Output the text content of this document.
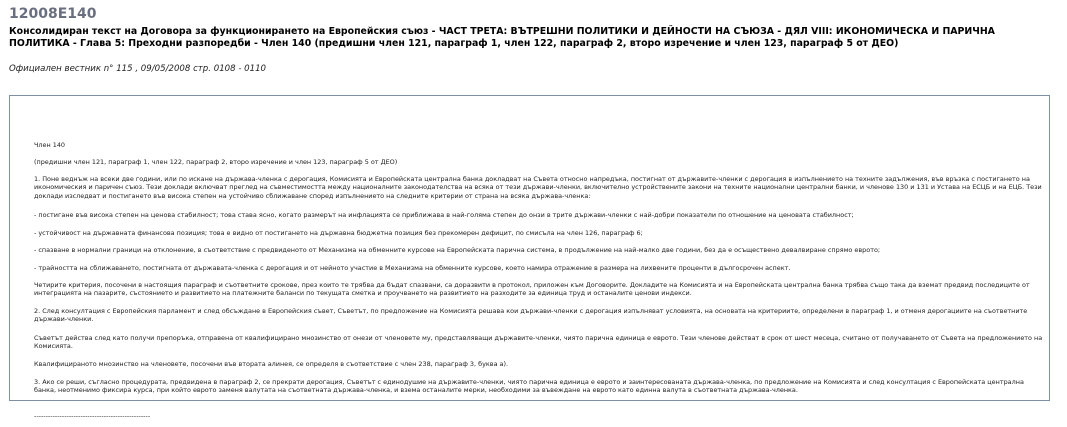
12008E140
Консолидиран текст на Договора за функционирането на Европейския съюз - ЧАСТ ТРЕТА: ВЪТРЕШНИ ПОЛИТИКИ И ДЕЙНОСТИ НА СЪЮЗА - ДЯЛ VIII: ИКОНОМИЧЕСКА И ПАРИЧНА ПОЛИТИКА - Глава 5: Преходни разпоредби - Член 140 (предишни член 121, параграф 1, член 122, параграф 2, второ изречение и член 123, параграф 5 от ДЕО)

Официален вестник n° 115 , 09/05/2008 стр. 0108 - 0110

Член 140

(предишни член 121, параграф 1, член 122, параграф 2, второ изречение и член 123, параграф 5 от ДЕО)

1. Поне веднъж на всеки две години, или по искане на държава-членка с дерогация, Комисията и Европейската централна банка докладват на Съвета относно напредъка, постигнат от държавите-членки с дерогация в изпълнението на техните задължения, във връзка с постигането на икономическия и паричен съюз. Тези доклади включват преглед на съвместимостта между националните законодателства на всяка от тези държави-членки, включително устройствените закони на техните национални централни банки, и членове 130 и 131 и Устава на ЕСЦБ и на ЕЦБ. Тези доклади изследват и постигането във висока степен на устойчиво сближаване според изпълнението на следните критерии от страна на всяка държава-членка:

- постигане във висока степен на ценова стабилност; това става ясно, когато размерът на инфлацията се приближава в най-голяма степен до онзи в трите държави-членки с най-добри показатели по отношение на ценовата стабилност;

- устойчивост на държавната финансова позиция; това е видно от постигането на държавна бюджетна позиция без прекомерен дефицит, по смисъла на член 126, параграф 6;

- спазване в нормални граници на отклонение, в съответствие с предвиденото от Механизма на обменните курсове на Европейската парична система, в продължение на най-малко две години, без да е осъществено девалвиране спрямо еврото;

- трайността на сближаването, постигната от държавата-членка с дерогация и от нейното участие в Механизма на обменните курсове, което намира отражение в размера на лихвените проценти в дългосрочен аспект.

Четирите критерия, посочени в настоящия параграф и съответните срокове, през които те трябва да бъдат спазвани, са доразвити в протокол, приложен към Договорите. Докладите на Комисията и на Европейската централна банка трябва също така да вземат предвид последиците от интеграцията на пазарите, състоянието и развитието на платежните баланси по текущата сметка и проучването на развитието на разходите за единица труд и останалите ценови индекси.

2. След консултация с Европейския парламент и след обсъждане в Европейския съвет, Съветът, по предложение на Комисията решава кои държави-членки с дерогация изпълняват условията, на основата на критериите, определени в параграф 1, и отменя дерогациите на съответните държави-членки.

Съветът действа след като получи препоръка, отправена от квалифицирано мнозинство от онези от членовете му, представляващи държавите-членки, чиято парична единица е еврото. Тези членове действат в срок от шест месеца, считано от получаването от Съвета на предложението на Комисията.

Квалифицираното мнозинство на членовете, посочени във втората алинея, се определя в съответствие с член 238, параграф 3, буква а).

3. Ако се реши, съгласно процедурата, предвидена в параграф 2, се прекрати дерогация, Съветът с единодушие на държавите-членки, чиято парична единица е еврото и заинтересованата държава-членка, по предложение на Комисията и след консултация с Европейската централна банка, неотменимо фиксира курса, при който еврото заменя валутата на съответната държава-членка, и взема останалите мерки, необходими за въвеждане на еврото като единна валута в съответната държава-членка.

--------------------------------------------------
